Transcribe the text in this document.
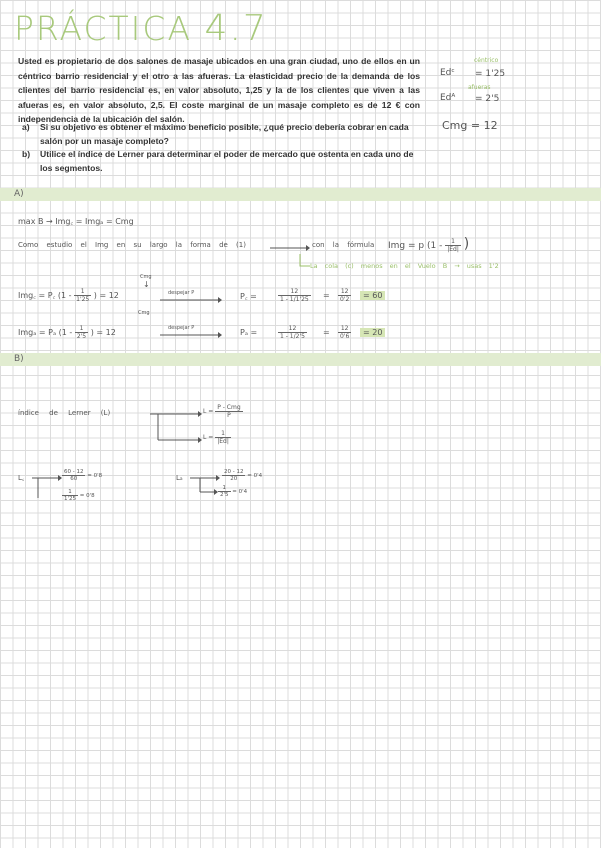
PRÁCTICA 4.7
Usted es propietario de dos salones de masaje ubicados en una gran ciudad, uno de ellos en un céntrico barrio residencial y el otro a las afueras. La elasticidad precio de la demanda de los clientes del barrio residencial es, en valor absoluto, 1,25 y la de los clientes que viven a las afueras es, en valor absoluto, 2,5. El coste marginal de un masaje completo es de 12 € con independencia de la ubicación del salón.
a) Si su objetivo es obtener el máximo beneficio posible, ¿qué precio debería cobrar en cada salón por un masaje completo?
b) Utilice el índice de Lerner para determinar el poder de mercado que ostenta en cada uno de los segmentos.
céntrico
Edᶜ = 1'25
afueras
Edᴬ = 2'5
Cmg = 12
A)
max B → Img꜀ = Imgₐ = Cmg
Como estudio el Img en su largo la forma de (1)	con la fórmula Img = p ($1 - \frac{1}{|Ed|}$ )
La cola (c) menos en el Vuelo B → usas 1'2
Cmg
↓
Img꜀ = P꜀ ($1 - \frac{1}{1'25}$ ) = 12	despejar P	P꜀ =	$\frac{12}{1 - 1/1'25} = \frac{12}{0'2}$	= 60
Cmg
Imgₐ = Pₐ ($1 - \frac{1}{2'5}$ ) = 12	despejar P	Pₐ =	$\frac{12}{1 - 1/2'5} = \frac{12}{0'6}$	= 20
B)
índice de Lerner (L)	$L = \frac{\text{P - Cmg}}{P}$
$L = \frac{1}{|Ed|}$
L꜀	$\frac{60 - 12}{60} = 0'8$
$\frac{1}{1'25} = 0'8$
Lₐ	$\frac{20 - 12}{20} = 0'4$
$\frac{1}{2'5} = 0'4$
